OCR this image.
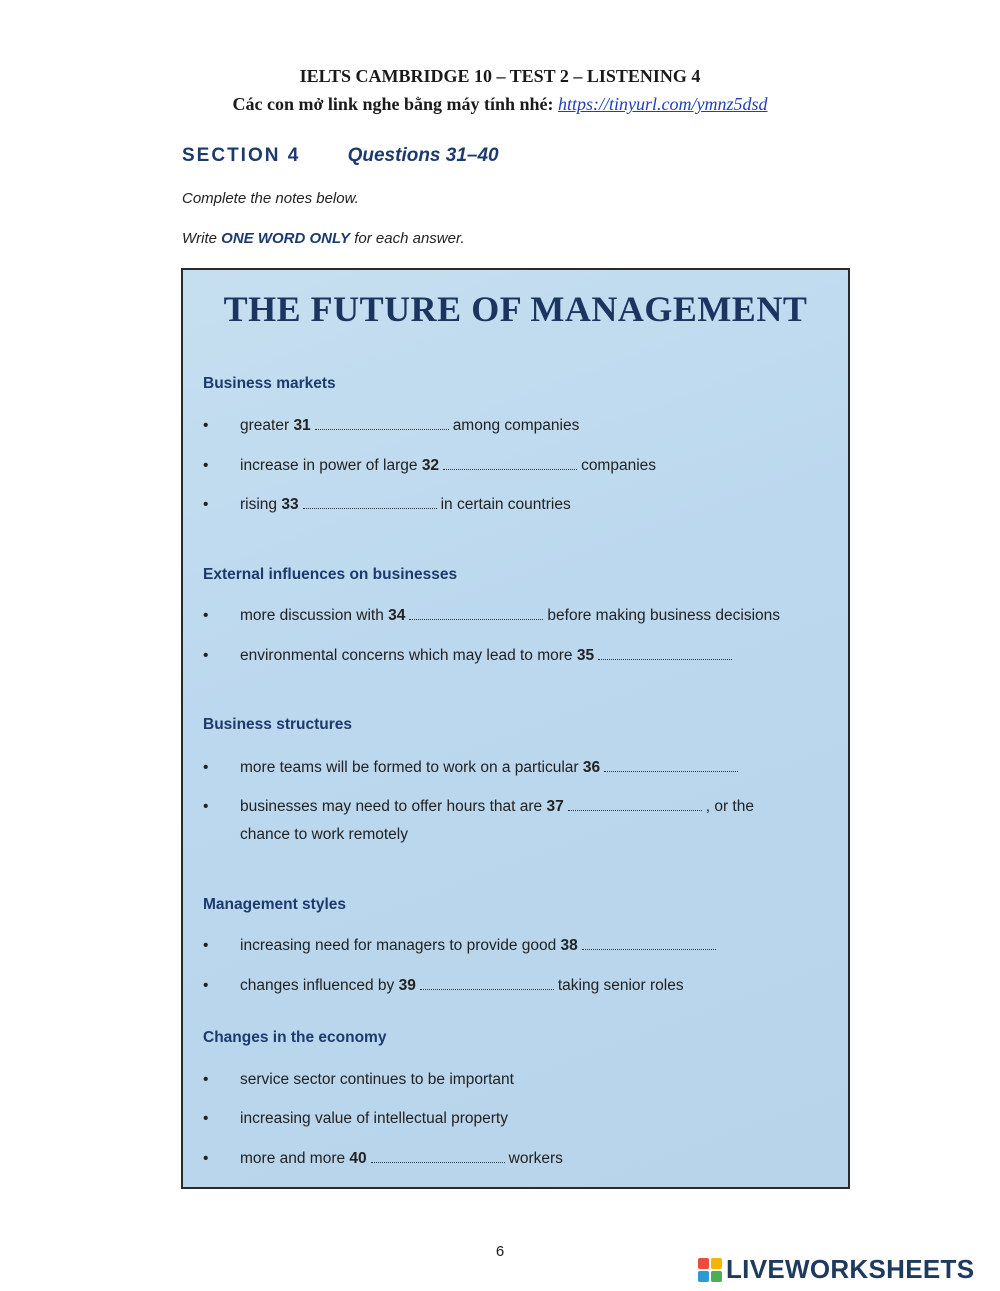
IELTS CAMBRIDGE 10 – TEST 2 – LISTENING 4
Các con mở link nghe bằng máy tính nhé: https://tinyurl.com/ymnz5dsd
SECTION 4 Questions 31–40
Complete the notes below.
Write ONE WORD ONLY for each answer.
THE FUTURE OF MANAGEMENT
Business markets
• greater 31	among companies
• increase in power of large 32	companies
• rising 33	in certain countries
External influences on businesses
• more discussion with 34	before making business decisions
• environmental concerns which may lead to more 35
Business structures
• more teams will be formed to work on a particular 36
• businesses may need to offer hours that are 37	, or the
chance to work remotely
Management styles
• increasing need for managers to provide good 38
• changes influenced by 39	taking senior roles
Changes in the economy
• service sector continues to be important
• increasing value of intellectual property
• more and more 40	workers
6
LIVEWORKSHEETS
